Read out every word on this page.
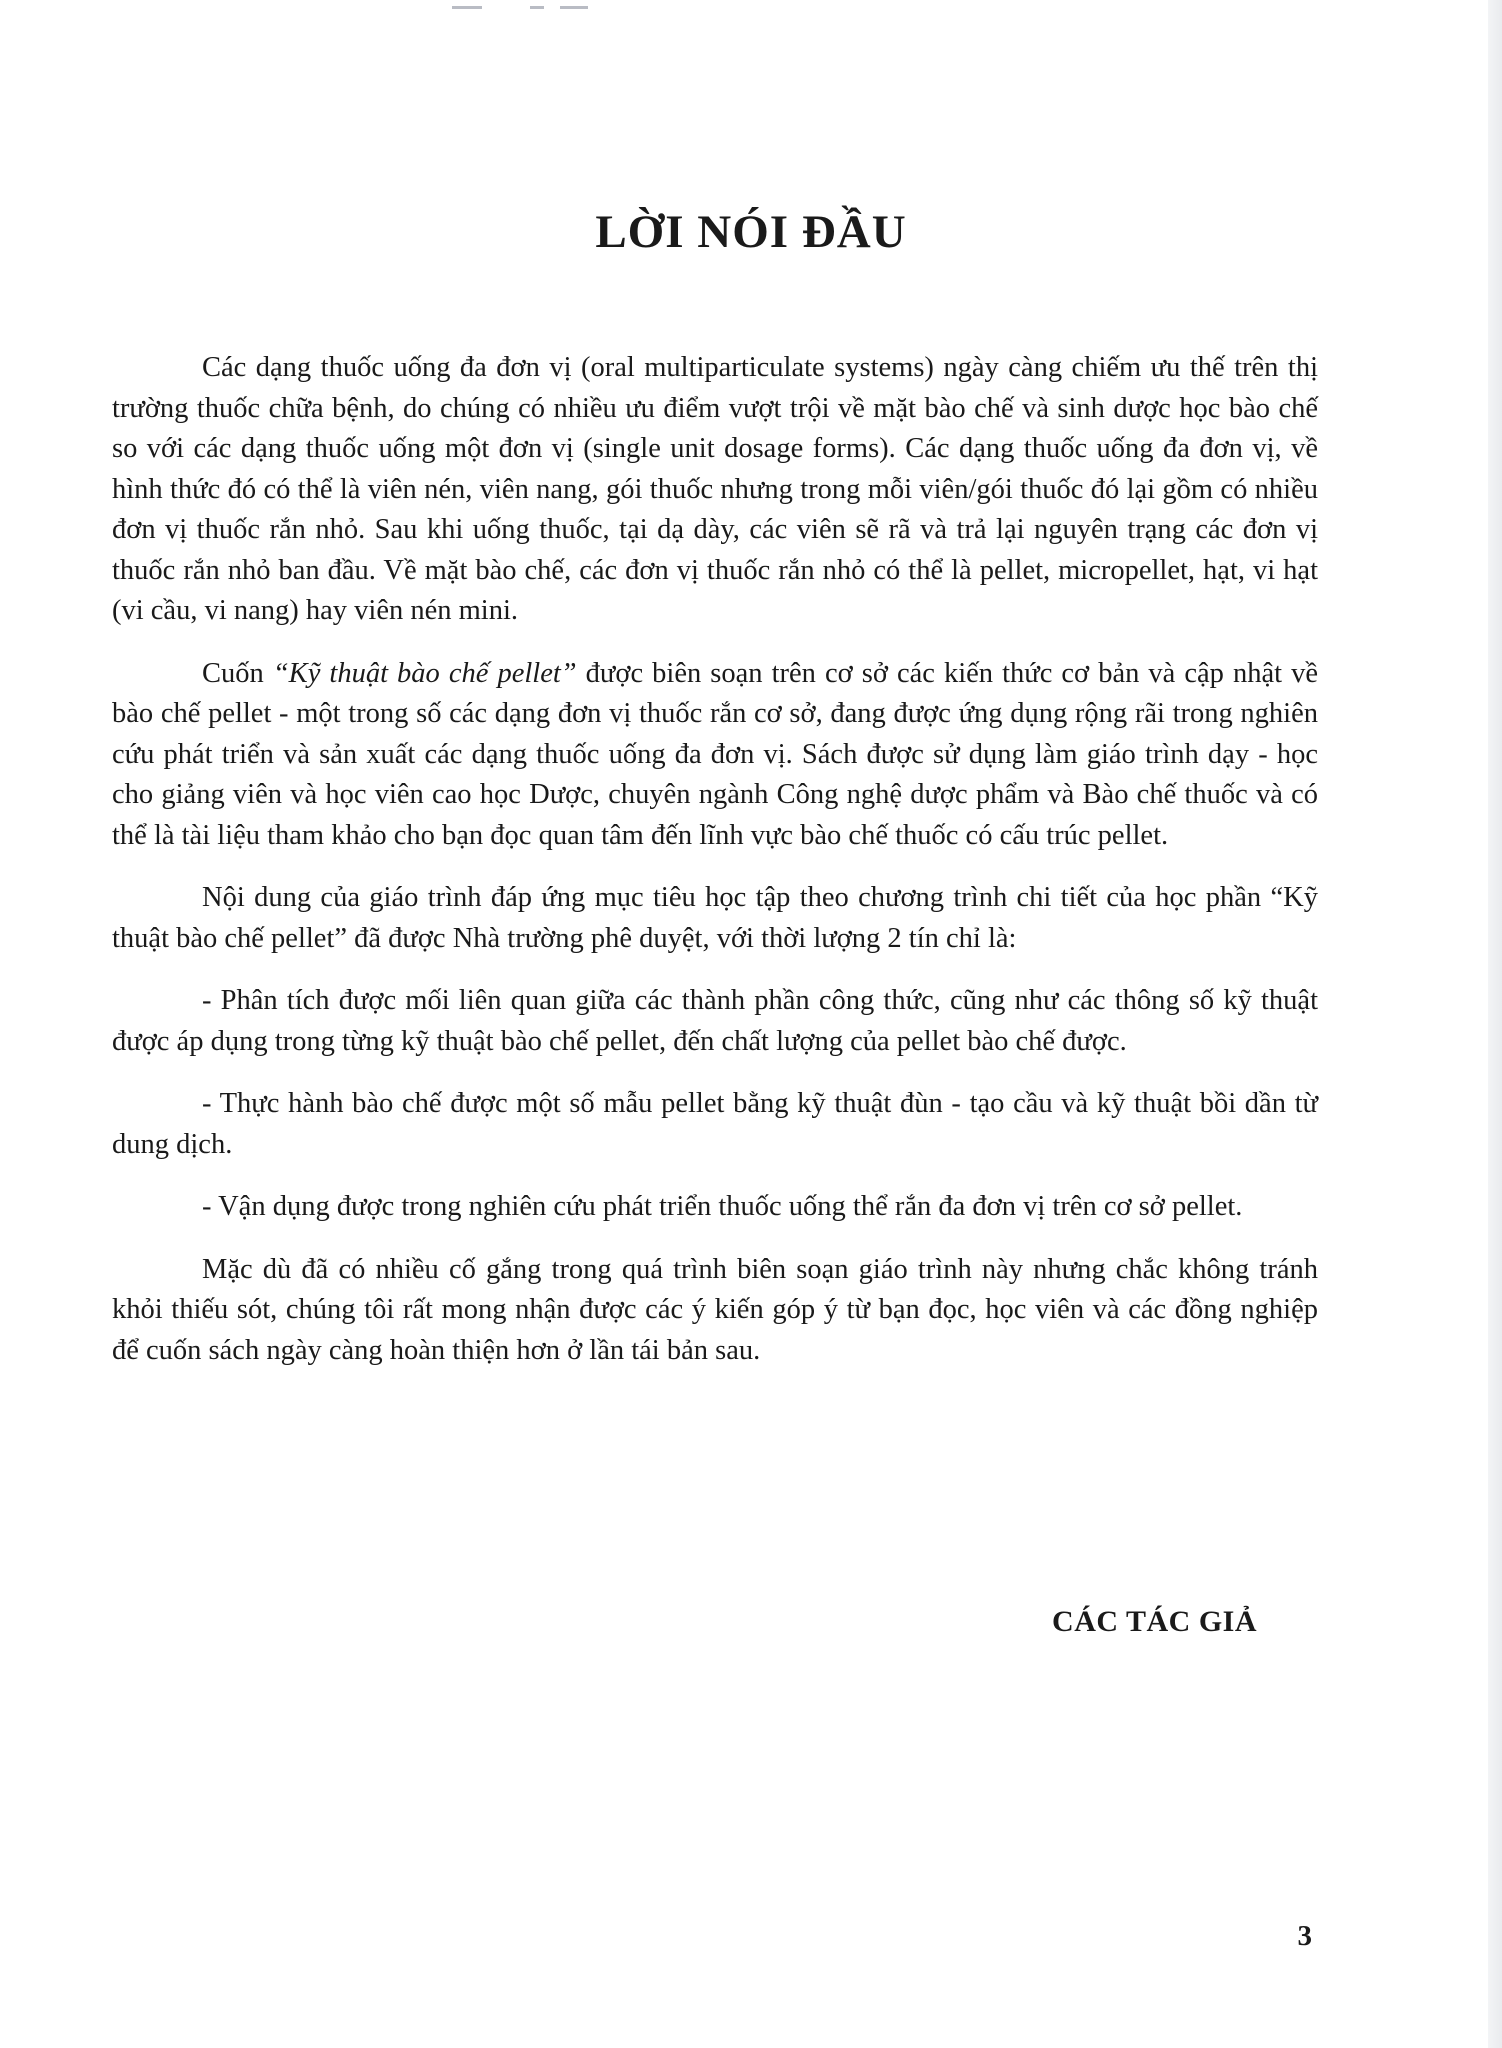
LỜI NÓI ĐẦU

Các dạng thuốc uống đa đơn vị (oral multiparticulate systems) ngày càng chiếm ưu thế trên thị trường thuốc chữa bệnh, do chúng có nhiều ưu điểm vượt trội về mặt bào chế và sinh dược học bào chế so với các dạng thuốc uống một đơn vị (single unit dosage forms). Các dạng thuốc uống đa đơn vị, về hình thức đó có thể là viên nén, viên nang, gói thuốc nhưng trong mỗi viên/gói thuốc đó lại gồm có nhiều đơn vị thuốc rắn nhỏ. Sau khi uống thuốc, tại dạ dày, các viên sẽ rã và trả lại nguyên trạng các đơn vị thuốc rắn nhỏ ban đầu. Về mặt bào chế, các đơn vị thuốc rắn nhỏ có thể là pellet, micropellet, hạt, vi hạt (vi cầu, vi nang) hay viên nén mini.

Cuốn “Kỹ thuật bào chế pellet” được biên soạn trên cơ sở các kiến thức cơ bản và cập nhật về bào chế pellet - một trong số các dạng đơn vị thuốc rắn cơ sở, đang được ứng dụng rộng rãi trong nghiên cứu phát triển và sản xuất các dạng thuốc uống đa đơn vị. Sách được sử dụng làm giáo trình dạy - học cho giảng viên và học viên cao học Dược, chuyên ngành Công nghệ dược phẩm và Bào chế thuốc và có thể là tài liệu tham khảo cho bạn đọc quan tâm đến lĩnh vực bào chế thuốc có cấu trúc pellet.

Nội dung của giáo trình đáp ứng mục tiêu học tập theo chương trình chi tiết của học phần “Kỹ thuật bào chế pellet” đã được Nhà trường phê duyệt, với thời lượng 2 tín chỉ là:

- Phân tích được mối liên quan giữa các thành phần công thức, cũng như các thông số kỹ thuật được áp dụng trong từng kỹ thuật bào chế pellet, đến chất lượng của pellet bào chế được.

- Thực hành bào chế được một số mẫu pellet bằng kỹ thuật đùn - tạo cầu và kỹ thuật bồi dần từ dung dịch.

- Vận dụng được trong nghiên cứu phát triển thuốc uống thể rắn đa đơn vị trên cơ sở pellet.

Mặc dù đã có nhiều cố gắng trong quá trình biên soạn giáo trình này nhưng chắc không tránh khỏi thiếu sót, chúng tôi rất mong nhận được các ý kiến góp ý từ bạn đọc, học viên và các đồng nghiệp để cuốn sách ngày càng hoàn thiện hơn ở lần tái bản sau.

CÁC TÁC GIẢ
3
